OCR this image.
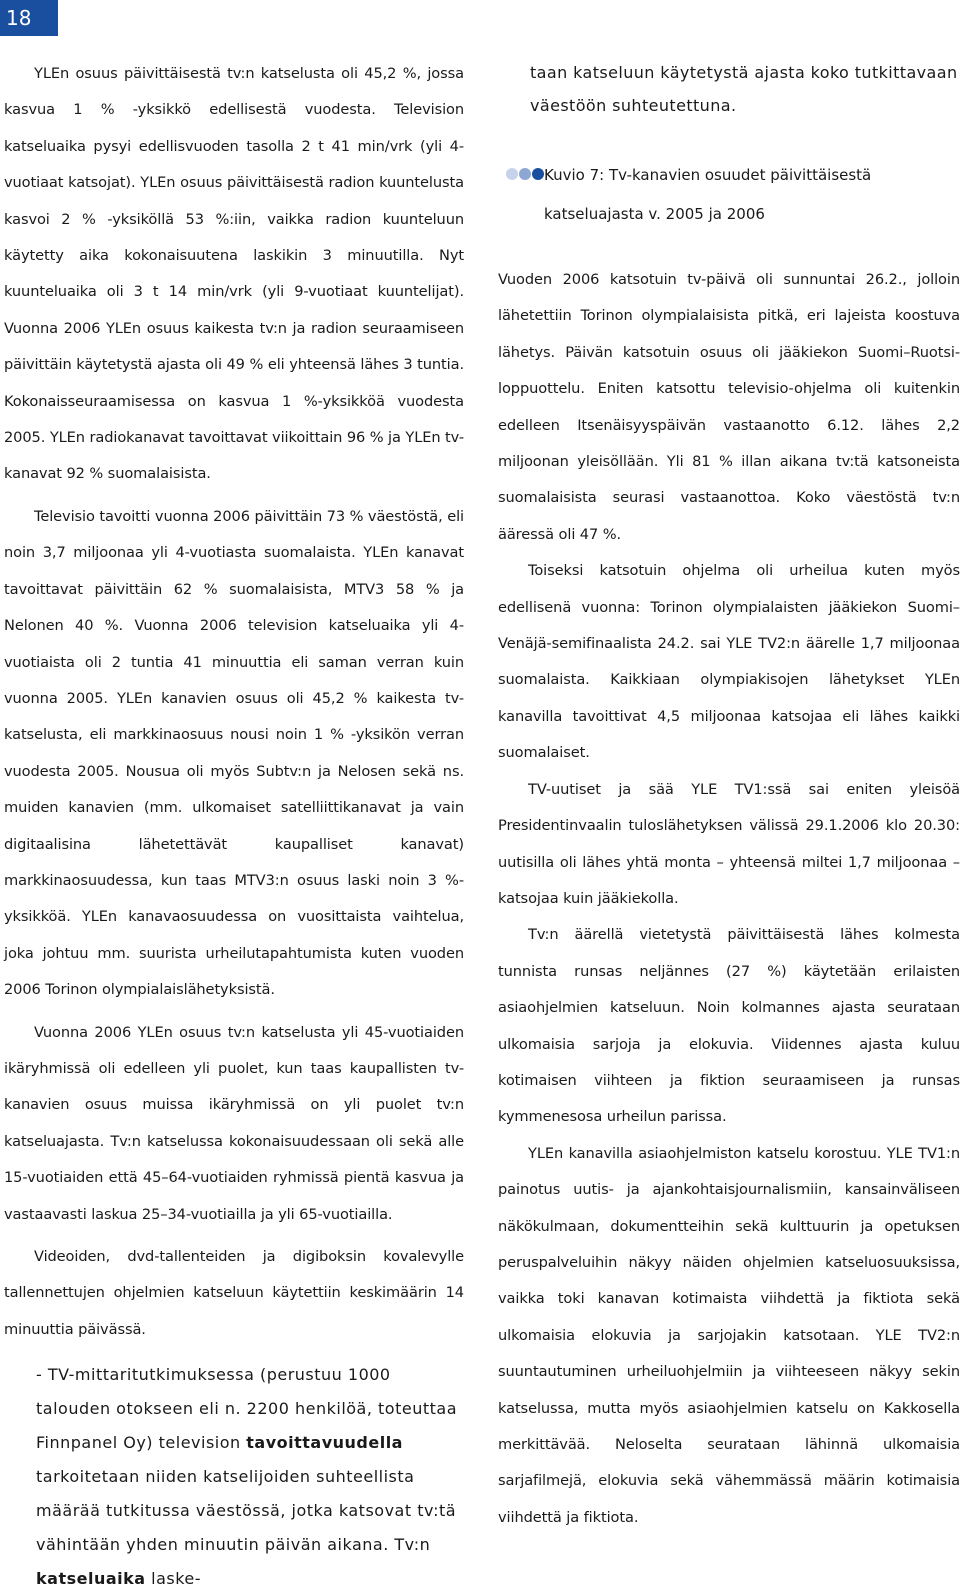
18

YLEn osuus päivittäisestä tv:n katselusta oli 45,2 %, jossa kasvua 1 % -yksikkö edellisestä vuodesta. Television katseluaika pysyi edellisvuoden tasolla 2 t 41 min/vrk (yli 4-vuotiaat katsojat). YLEn osuus päivittäisestä radion kuuntelusta kasvoi 2 % -yksiköllä 53 %:iin, vaikka radion kuunteluun käytetty aika kokonaisuutena laskikin 3 minuutilla. Nyt kuunteluaika oli 3 t 14 min/vrk (yli 9-vuotiaat kuuntelijat). Vuonna 2006 YLEn osuus kaikesta tv:n ja radion seuraamiseen päivittäin käytetystä ajasta oli 49 % eli yhteensä lähes 3 tuntia. Kokonaisseuraamisessa on kasvua 1 %-yksikköä vuodesta 2005. YLEn radiokanavat tavoittavat viikoittain 96 % ja YLEn tv-kanavat 92 % suomalaisista.

Televisio tavoitti vuonna 2006 päivittäin 73 % väestöstä, eli noin 3,7 miljoonaa yli 4-vuotiasta suomalaista. YLEn kanavat tavoittavat päivittäin 62 % suomalaisista, MTV3 58 % ja Nelonen 40 %. Vuonna 2006 television katseluaika yli 4-vuotiaista oli 2 tuntia 41 minuuttia eli saman verran kuin vuonna 2005. YLEn kanavien osuus oli 45,2 % kaikesta tv-katselusta, eli markkinaosuus nousi noin 1 % -yksikön verran vuodesta 2005. Nousua oli myös Subtv:n ja Nelosen sekä ns. muiden kanavien (mm. ulkomaiset satelliittikanavat ja vain digitaalisina lähetettävät kaupalliset kanavat) markkinaosuudessa, kun taas MTV3:n osuus laski noin 3 %-yksikköä. YLEn kanavaosuudessa on vuosittaista vaihtelua, joka johtuu mm. suurista urheilutapahtumista kuten vuoden 2006 Torinon olympialaislähetyksistä.

Vuonna 2006 YLEn osuus tv:n katselusta yli 45-vuotiaiden ikäryhmissä oli edelleen yli puolet, kun taas kaupallisten tv-kanavien osuus muissa ikäryhmissä on yli puolet tv:n katseluajasta. Tv:n katselussa kokonaisuudessaan oli sekä alle 15-vuotiaiden että 45–64-vuotiaiden ryhmissä pientä kasvua ja vastaavasti laskua 25–34-vuotiailla ja yli 65-vuotiailla.

Videoiden, dvd-tallenteiden ja digiboksin kovalevylle tallennettujen ohjelmien katseluun käytettiin keskimäärin 14 minuuttia päivässä.

- TV-mittaritutkimuksessa (perustuu 1000 talouden otokseen eli n. 2200 henkilöä, toteuttaa Finnpanel Oy) television tavoittavuudella tarkoitetaan niiden katselijoiden suhteellista määrää tutkitussa väestössä, jotka katsovat tv:tä vähintään yhden minuutin päivän aikana. Tv:n katseluaika laske-
taan katseluun käytetystä ajasta koko tutkittavaan väestöön suhteutettuna.
Kuvio 7: Tv-kanavien osuudet päivittäisestä
katseluajasta v. 2005 ja 2006

Vuoden 2006 katsotuin tv-päivä oli sunnuntai 26.2., jolloin lähetettiin Torinon olympialaisista pitkä, eri lajeista koostuva lähetys. Päivän katsotuin osuus oli jääkiekon Suomi–Ruotsi-loppuottelu. Eniten katsottu televisio-ohjelma oli kuitenkin edelleen Itsenäisyyspäivän vastaanotto 6.12. lähes 2,2 miljoonan yleisöllään. Yli 81 % illan aikana tv:tä katsoneista suomalaisista seurasi vastaanottoa. Koko väestöstä tv:n ääressä oli 47 %.

Toiseksi katsotuin ohjelma oli urheilua kuten myös edellisenä vuonna: Torinon olympialaisten jääkiekon Suomi–Venäjä-semifinaalista 24.2. sai YLE TV2:n äärelle 1,7 miljoonaa suomalaista. Kaikkiaan olympiakisojen lähetykset YLEn kanavilla tavoittivat 4,5 miljoonaa katsojaa eli lähes kaikki suomalaiset.

TV-uutiset ja sää YLE TV1:ssä sai eniten yleisöä Presidentinvaalin tuloslähetyksen välissä 29.1.2006 klo 20.30: uutisilla oli lähes yhtä monta – yhteensä miltei 1,7 miljoonaa – katsojaa kuin jääkiekolla.

Tv:n äärellä vietetystä päivittäisestä lähes kolmesta tunnista runsas neljännes (27 %) käytetään erilaisten asiaohjelmien katseluun. Noin kolmannes ajasta seurataan ulkomaisia sarjoja ja elokuvia. Viidennes ajasta kuluu kotimaisen viihteen ja fiktion seuraamiseen ja runsas kymmenesosa urheilun parissa.

YLEn kanavilla asiaohjelmiston katselu korostuu. YLE TV1:n painotus uutis- ja ajankohtaisjournalismiin, kansainväliseen näkökulmaan, dokumentteihin sekä kulttuurin ja opetuksen peruspalveluihin näkyy näiden ohjelmien katseluosuuksissa, vaikka toki kanavan kotimaista viihdettä ja fiktiota sekä ulkomaisia elokuvia ja sarjojakin katsotaan. YLE TV2:n suuntautuminen urheiluohjelmiin ja viihteeseen näkyy sekin katselussa, mutta myös asiaohjelmien katselu on Kakkosella merkittävää. Neloselta seurataan lähinnä ulkomaisia sarjafilmejä, elokuvia sekä vähemmässä määrin kotimaisia viihdettä ja fiktiota.
